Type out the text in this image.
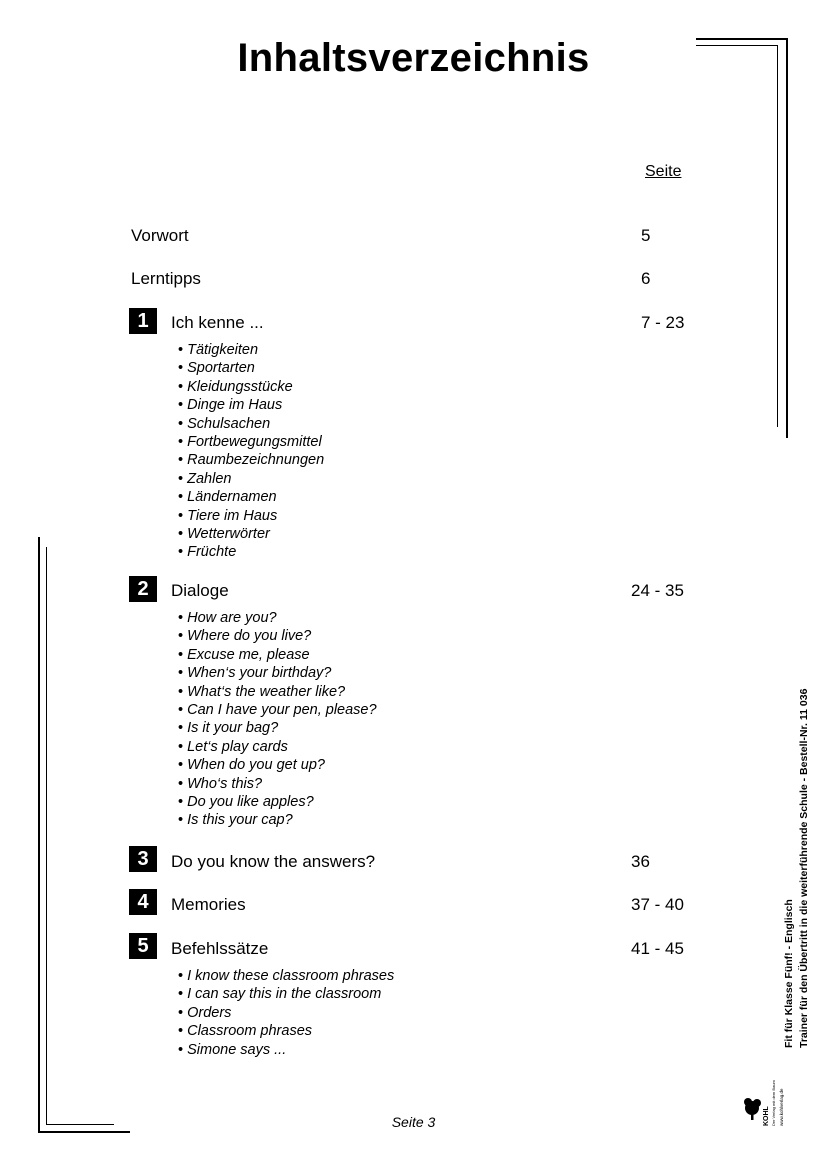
Inhaltsverzeichnis
Seite
Vorwort	5
Lerntipps	6
1	Ich kenne ...	7 - 23
• Tätigkeiten
• Sportarten
• Kleidungsstücke
• Dinge im Haus
• Schulsachen
• Fortbewegungsmittel
• Raumbezeichnungen
• Zahlen
• Ländernamen
• Tiere im Haus
• Wetterwörter
• Früchte
2	Dialoge	24 - 35
• How are you?
• Where do you live?
• Excuse me, please
• When‘s your birthday?
• What‘s the weather like?
• Can I have your pen, please?
• Is it your bag?
• Let‘s play cards
• When do you get up?
• Who‘s this?
• Do you like apples?
• Is this your cap?
3	Do you know the answers?	36
4	Memories	37 - 40
5	Befehlssätze	41 - 45
• I know these classroom phrases
• I can say this in the classroom
• Orders
• Classroom phrases
• Simone says ...
Seite 3
Fit für Klasse Fünf! - Englisch Trainer für den Übertritt in die weiterführende Schule - Bestell-Nr. 11 036
KOHL Der Verlag mit dem Baum www.kohlverlag.de
